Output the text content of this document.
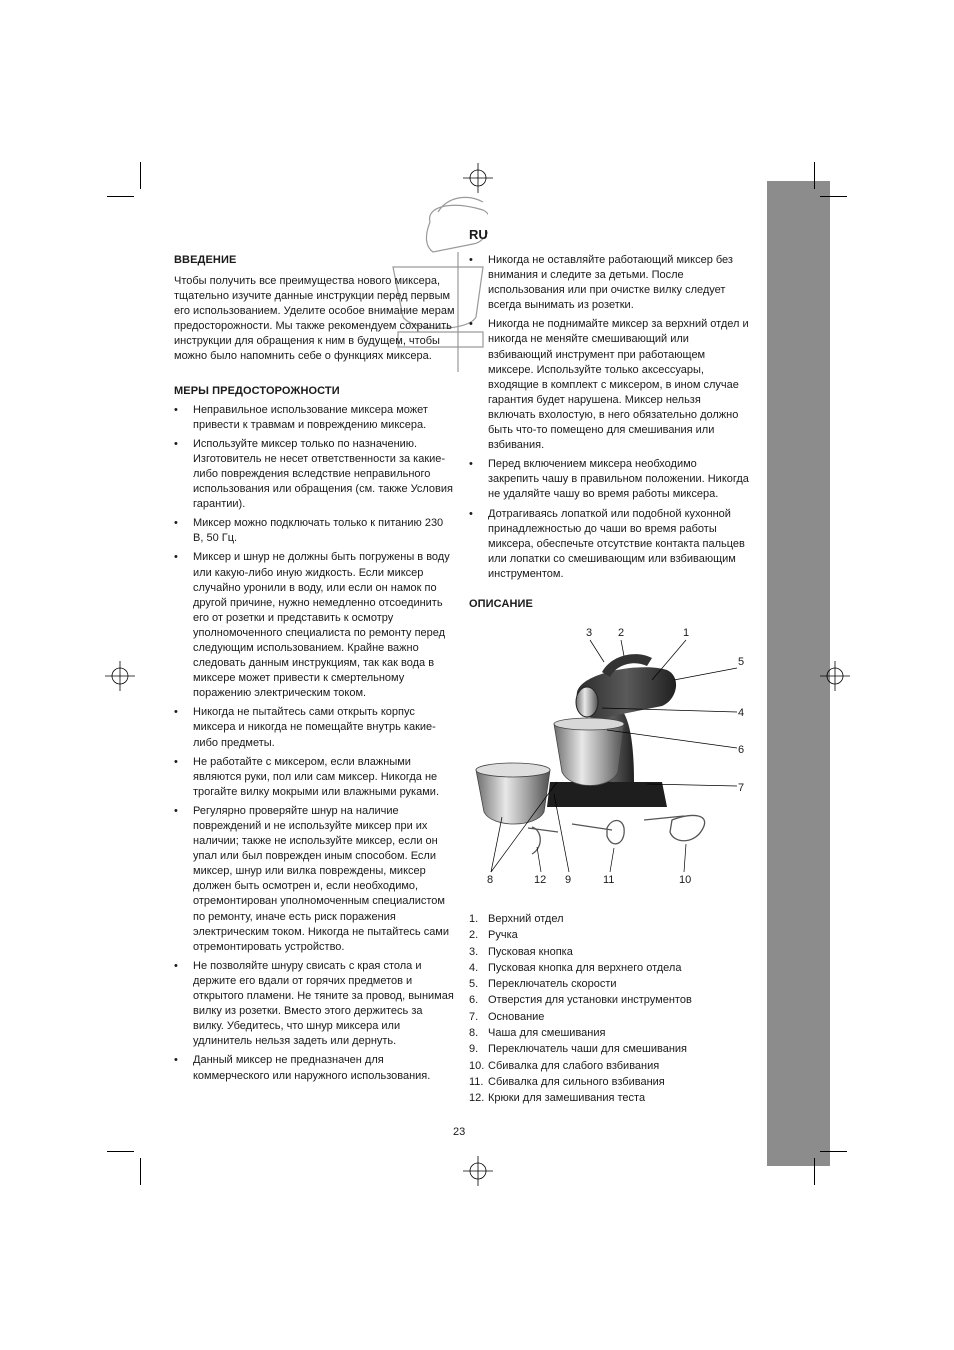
ВВЕДЕНИЕ

Чтобы получить все преимущества нового миксера, тщательно изучите данные инструкции перед первым его использованием. Уделите особое внимание мерам предосторожности. Мы также рекомендуем сохранить инструкции для обращения к ним в будущем, чтобы можно было напомнить себе о функциях миксера.

МЕРЫ ПРЕДОСТОРОЖНОСТИ
• Неправильное использование миксера может привести к травмам и повреждению миксера.
• Используйте миксер только по назначению. Изготовитель не несет ответственности за какие-либо повреждения вследствие неправильного использования или обращения (см. также Условия гарантии).
• Миксер можно подключать только к питанию 230 В, 50 Гц.
• Миксер и шнур не должны быть погружены в воду или какую-либо иную жидкость. Если миксер случайно уронили в воду, или если он намок по другой причине, нужно немедленно отсоединить его от розетки и представить к осмотру уполномоченного специалиста по ремонту перед следующим использованием. Крайне важно следовать данным инструкциям, так как вода в миксере может привести к смертельному поражению электрическим током.
• Никогда не пытайтесь сами открыть корпус миксера и никогда не помещайте внутрь какие-либо предметы.
• Не работайте с миксером, если влажными являются руки, пол или сам миксер. Никогда не трогайте вилку мокрыми или влажными руками.
• Регулярно проверяйте шнур на наличие повреждений и не используйте миксер при их наличии; также не используйте миксер, если он упал или был поврежден иным способом. Если миксер, шнур или вилка повреждены, миксер должен быть осмотрен и, если необходимо, отремонтирован уполномоченным специалистом по ремонту, иначе есть риск поражения электрическим током. Никогда не пытайтесь сами отремонтировать устройство.
• Не позволяйте шнуру свисать с края стола и держите его вдали от горячих предметов и открытого пламени. Не тяните за провод, вынимая вилку из розетки. Вместо этого держитесь за вилку. Убедитесь, что шнур миксера или удлинитель нельзя задеть или дернуть.
• Данный миксер не предназначен для коммерческого или наружного использования.
RU
• Никогда не оставляйте работающий миксер без внимания и следите за детьми. После использования или при очистке вилку следует всегда вынимать из розетки.
• Никогда не поднимайте миксер за верхний отдел и никогда не меняйте смешивающий или взбивающий инструмент при работающем миксере. Используйте только аксессуары, входящие в комплект с миксером, в ином случае гарантия будет нарушена. Миксер нельзя включать вхолостую, в него обязательно должно быть что-то помещено для смешивания или взбивания.
• Перед включением миксера необходимо закрепить чашу в правильном положении. Никогда не удаляйте чашу во время работы миксера.
• Дотрагиваясь лопаткой или подобной кухонной принадлежностью до чаши во время работы миксера, обеспечьте отсутствие контакта пальцев или лопатки со смешивающим или взбивающим инструментом.
ОПИСАНИЕ
3 2	1
5
4
6
7
8	12 9	11	10
1. Верхний отдел
2. Ручка
3. Пусковая кнопка
4. Пусковая кнопка для верхнего отдела
5. Переключатель скорости
6. Отверстия для установки инструментов
7. Основание
8. Чаша для смешивания
9. Переключатель чаши для смешивания
10. Сбивалка для слабого взбивания
11. Сбивалка для сильного взбивания
12. Крюки для замешивания теста
23
